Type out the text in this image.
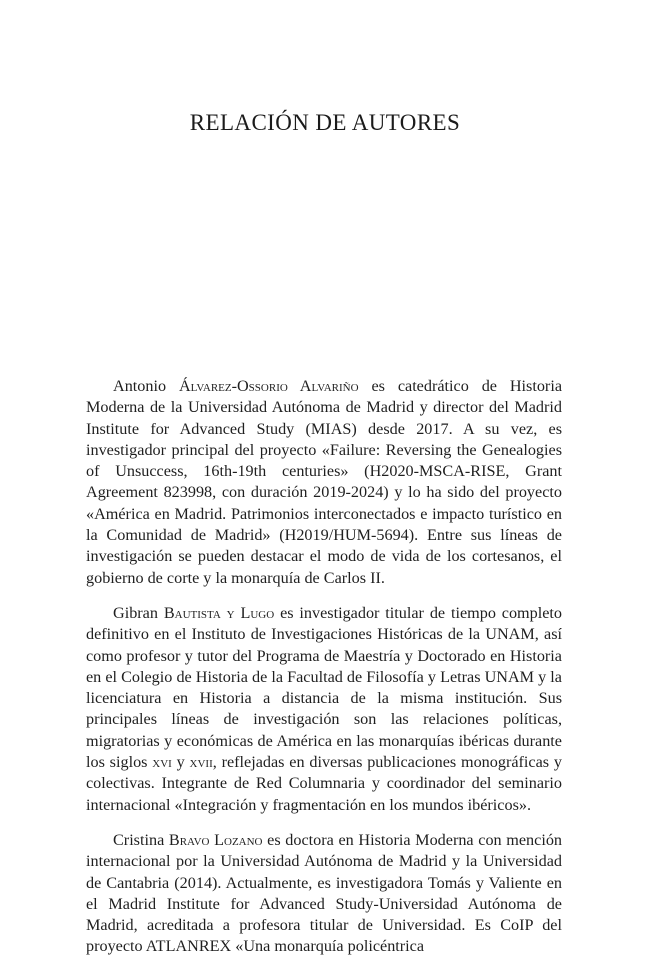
RELACIÓN DE AUTORES

Antonio Álvarez-Ossorio Alvariño es catedrático de Historia Moderna de la Universidad Autónoma de Madrid y director del Madrid Institute for Advanced Study (MIAS) desde 2017. A su vez, es investigador principal del proyecto «Failure: Reversing the Genealogies of Unsuccess, 16th-19th centuries» (H2020-MSCA-RISE, Grant Agreement 823998, con duración 2019-2024) y lo ha sido del proyecto «América en Madrid. Patrimonios interconectados e impacto turístico en la Comunidad de Madrid» (H2019/HUM-5694). Entre sus líneas de investigación se pueden destacar el modo de vida de los cortesanos, el gobierno de corte y la monarquía de Carlos II.

Gibran Bautista y Lugo es investigador titular de tiempo completo definitivo en el Instituto de Investigaciones Históricas de la UNAM, así como profesor y tutor del Programa de Maestría y Doctorado en Historia en el Colegio de Historia de la Facultad de Filosofía y Letras UNAM y la licenciatura en Historia a distancia de la misma institución. Sus principales líneas de investigación son las relaciones políticas, migratorias y económicas de América en las monarquías ibéricas durante los siglos xvi y xvii, reflejadas en diversas publicaciones monográficas y colectivas. Integrante de Red Columnaria y coordinador del seminario internacional «Integración y fragmentación en los mundos ibéricos».

Cristina Bravo Lozano es doctora en Historia Moderna con mención internacional por la Universidad Autónoma de Madrid y la Universidad de Cantabria (2014). Actualmente, es investigadora Tomás y Valiente en el Madrid Institute for Advanced Study-Universidad Autónoma de Madrid, acreditada a profesora titular de Universidad. Es CoIP del proyecto ATLANREX «Una monarquía policéntrica
